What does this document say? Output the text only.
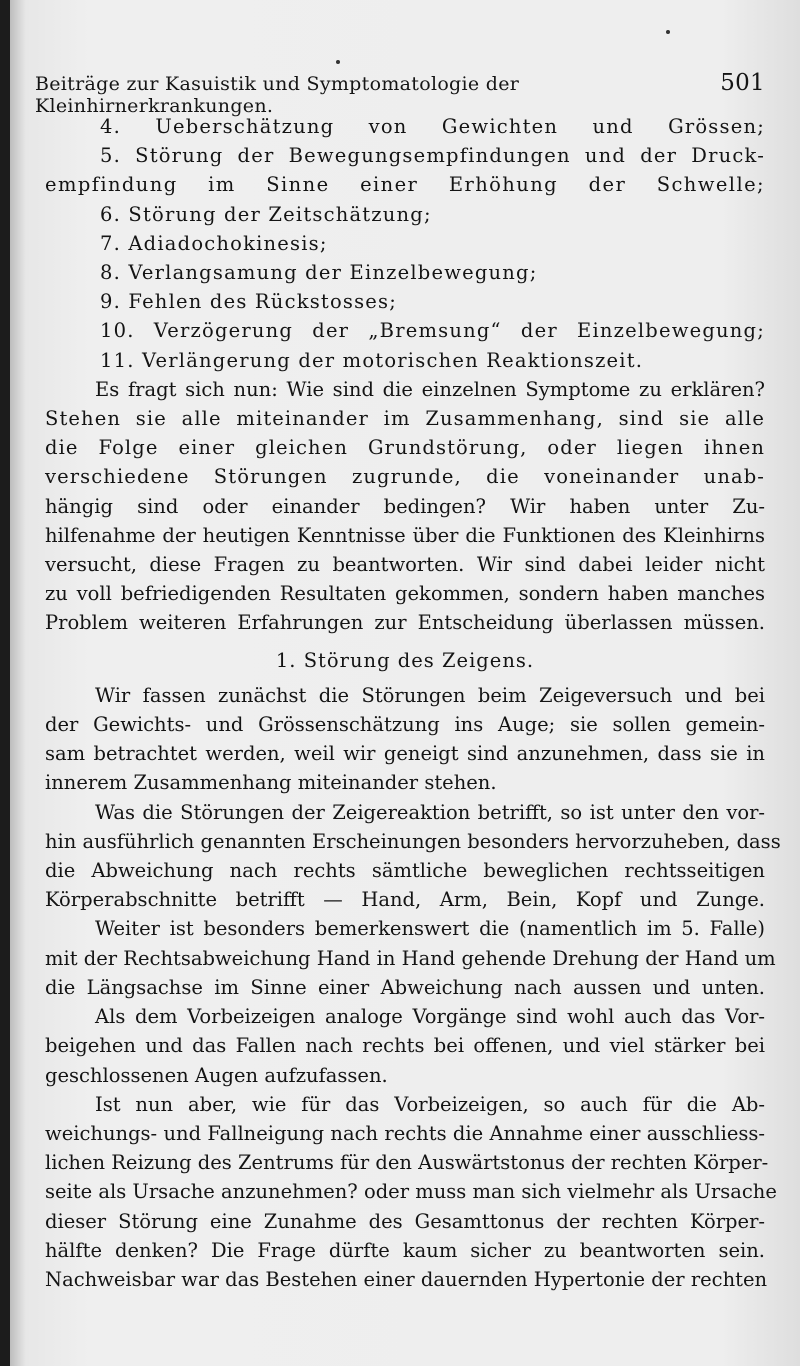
Beiträge zur Kasuistik und Symptomatologie der Kleinhirnerkrankungen.
501
4. Ueberschätzung von Gewichten und Grössen;
5. Störung der Bewegungsempfindungen und der Druck-
empfindung im Sinne einer Erhöhung der Schwelle;
6. Störung der Zeitschätzung;
7. Adiadochokinesis;
8. Verlangsamung der Einzelbewegung;
9. Fehlen des Rückstosses;
10. Verzögerung der „Bremsung“ der Einzelbewegung;
11. Verlängerung der motorischen Reaktionszeit.
Es fragt sich nun: Wie sind die einzelnen Symptome zu erklären?
Stehen sie alle miteinander im Zusammenhang, sind sie alle
die Folge einer gleichen Grundstörung, oder liegen ihnen
verschiedene Störungen zugrunde, die voneinander unab-
hängig sind oder einander bedingen? Wir haben unter Zu-
hilfenahme der heutigen Kenntnisse über die Funktionen des Kleinhirns
versucht, diese Fragen zu beantworten. Wir sind dabei leider nicht
zu voll befriedigenden Resultaten gekommen, sondern haben manches
Problem weiteren Erfahrungen zur Entscheidung überlassen müssen.
1. Störung des Zeigens.
Wir fassen zunächst die Störungen beim Zeigeversuch und bei
der Gewichts- und Grössenschätzung ins Auge; sie sollen gemein-
sam betrachtet werden, weil wir geneigt sind anzunehmen, dass sie in
innerem Zusammenhang miteinander stehen.
Was die Störungen der Zeigereaktion betrifft, so ist unter den vor-
hin ausführlich genannten Erscheinungen besonders hervorzuheben, dass
die Abweichung nach rechts sämtliche beweglichen rechtsseitigen
Körperabschnitte betrifft — Hand, Arm, Bein, Kopf und Zunge.
Weiter ist besonders bemerkenswert die (namentlich im 5. Falle)
mit der Rechtsabweichung Hand in Hand gehende Drehung der Hand um
die Längsachse im Sinne einer Abweichung nach aussen und unten.
Als dem Vorbeizeigen analoge Vorgänge sind wohl auch das Vor-
beigehen und das Fallen nach rechts bei offenen, und viel stärker bei
geschlossenen Augen aufzufassen.
Ist nun aber, wie für das Vorbeizeigen, so auch für die Ab-
weichungs- und Fallneigung nach rechts die Annahme einer ausschliess-
lichen Reizung des Zentrums für den Auswärtstonus der rechten Körper-
seite als Ursache anzunehmen? oder muss man sich vielmehr als Ursache
dieser Störung eine Zunahme des Gesamttonus der rechten Körper-
hälfte denken? Die Frage dürfte kaum sicher zu beantworten sein.
Nachweisbar war das Bestehen einer dauernden Hypertonie der rechten
